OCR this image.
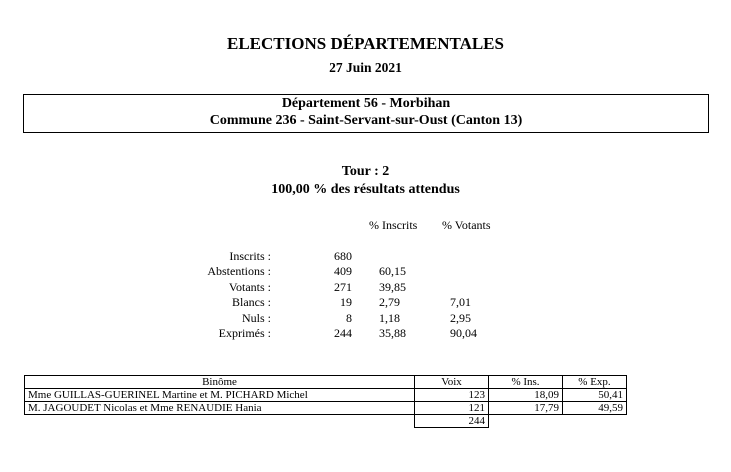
ELECTIONS DÉPARTEMENTALES
27 Juin 2021
Département 56 - Morbihan
Commune 236 - Saint-Servant-sur-Oust (Canton 13)
Tour : 2
100,00 % des résultats attendus
% Inscrits % Votants
Inscrits :	680
Abstentions :	409 60,15
Votants :	271 39,85
Blancs :	19 2,79	7,01
Nuls :	8 1,18	2,95
Exprimés :	244 35,88	90,04
Binôme	Voix	% Ins.	% Exp.
Mme GUILLAS-GUERINEL Martine et M. PICHARD Michel	123	18,09	50,41
M. JAGOUDET Nicolas et Mme RENAUDIE Hania	121	17,79	49,59
	244		
